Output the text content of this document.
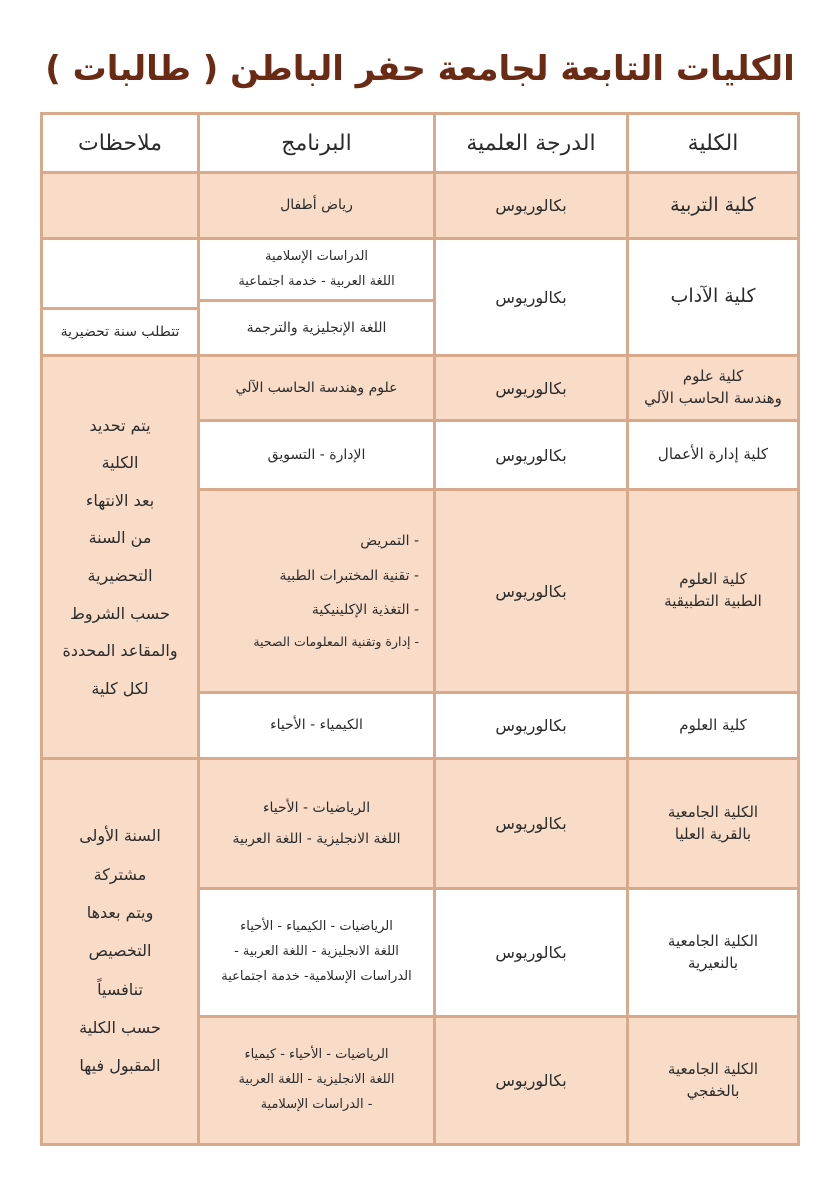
الكليات التابعة لجامعة حفر الباطن ( طالبات )
الكلية
الدرجة العلمية
البرنامج
ملاحظات
كلية التربية
بكالوريوس
رياض أطفال
كلية الآداب
بكالوريوس
الدراسات الإسلامية
اللغة العربية - خدمة اجتماعية
اللغة الإنجليزية والترجمة
تتطلب سنة تحضيرية
كلية علوم
وهندسة الحاسب الآلي
بكالوريوس
علوم وهندسة الحاسب الآلي
كلية إدارة الأعمال
بكالوريوس
الإدارة - التسويق
كلية العلوم
الطبية التطبيقية
بكالوريوس
- التمريض
- تقنية المختبرات الطبية
- التغذية الإكلينيكية
- إدارة وتقنية المعلومات الصحية
كلية العلوم
بكالوريوس
الكيمياء - الأحياء
يتم تحديد
الكلية
بعد الانتهاء
من السنة
التحضيرية
حسب الشروط
والمقاعد المحددة
لكل كلية
الكلية الجامعية
بالقرية العليا
بكالوريوس
الرياضيات - الأحياء
اللغة الانجليزية - اللغة العربية
الكلية الجامعية
بالنعيرية
بكالوريوس
الرياضيات - الكيمياء - الأحياء
اللغة الانجليزية - اللغة العربية -
الدراسات الإسلامية- خدمة اجتماعية
الكلية الجامعية
بالخفجي
بكالوريوس
الرياضيات - الأحياء - كيمياء
اللغة الانجليزية - اللغة العربية
- الدراسات الإسلامية
السنة الأولى
مشتركة
ويتم بعدها
التخصيص
تنافسياً
حسب الكلية
المقبول فيها
